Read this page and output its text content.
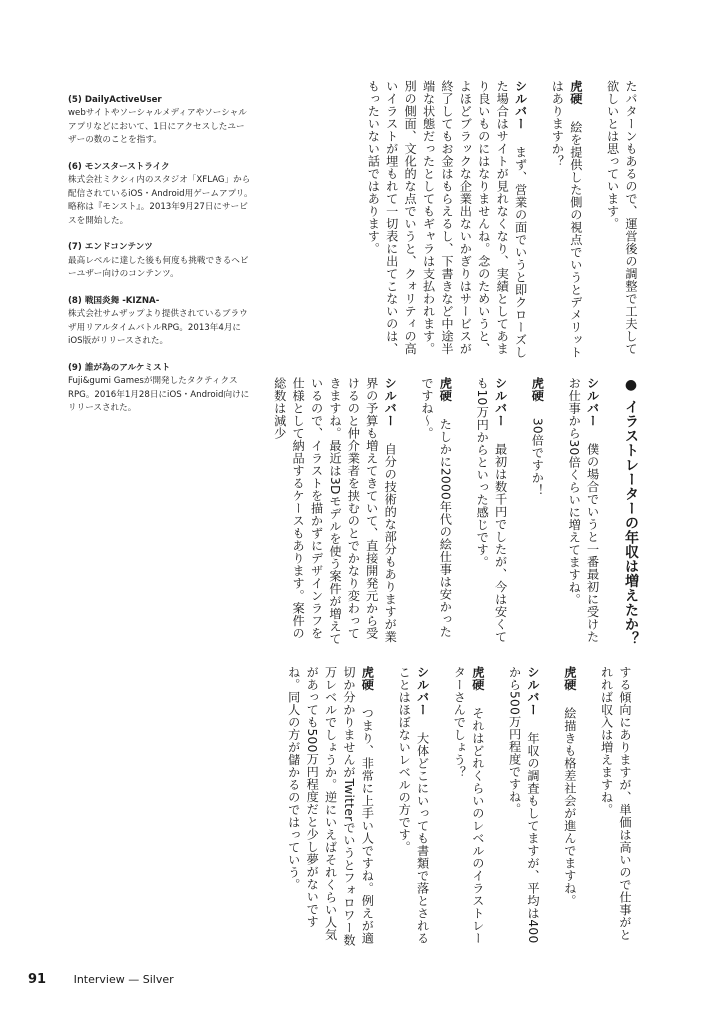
(5) DailyActiveUser
webサイトやソーシャルメディアやソーシャルアプリなどにおいて、1日にアクセスしたユーザーの数のことを指す。
(6) モンスターストライク
株式会社ミクシィ内のスタジオ「XFLAG」から配信されているiOS・Android用ゲームアプリ。略称は『モンスト』。2013年9月27日にサービスを開始した。
(7) エンドコンテンツ
最高レベルに達した後も何度も挑戦できるヘビーユザー向けのコンテンツ。
(8) 戦国炎舞 -KIZNA-
株式会社サムザップより提供されているブラウザ用リアルタイムバトルRPG。2013年4月にiOS版がリリースされた。
(9) 誰が為のアルケミスト
Fuji&gumi Gamesが開発したタクティクスRPG。2016年1月28日にiOS・Android向けにリリースされた。
たパターンもあるので、運営後の調整で工夫して欲しいとは思っています。
虎硬絵を提供した側の視点でいうとデメリットはありますか？
シルバーまず、営業の面でいうと即クローズした場合はサイトが見れなくなり、実績としてあまり良いものにはなりませんね。念のためいうと、よほどブラックな企業出ないかぎりはサービスが終了してもお金はもらえるし、下書きなど中途半端な状態だったとしてもギャラは支払われます。別の側面、文化的な点でいうと、クォリティの高いイラストが埋もれて一切表に出てこないのは、もったいない話ではあります。
●イラストレーターの年収は増えたか？
シルバー僕の場合でいうと一番最初に受けたお仕事から30倍くらいに増えてますね。
虎硬30倍ですか！
シルバー最初は数千円でしたが、今は安くても10万円からといった感じです。
虎硬たしかに2000年代の絵仕事は安かったですね〜。
シルバー自分の技術的な部分もありますが業界の予算も増えてきていて、直接開発元から受けるのと仲介業者を挟むのとでかなり変わってきますね。最近は3Dモデルを使う案件が増えているので、イラストを描かずにデザインラフを仕様として納品するケースもあります。案件の総数は減少
する傾向にありますが、単価は高いので仕事がとれれば収入は増えますね。
虎硬絵描きも格差社会が進んでますね。
シルバー年収の調査もしてますが、平均は400から500万円程度ですね。
虎硬それはどれくらいのレベルのイラストレーターさんでしょう？
シルバー大体どこにいっても書類で落とされることはほぼないレベルの方です。
虎硬つまり、非常に上手い人ですね。例えが適切か分かりませんがTwitterでいうとフォロワー数万レベルでしょうか。逆にいえばそれくらい人気があっても500万円程度だと少し夢がないですね。同人の方が儲かるのではっていう。
91	Interview — Silver
